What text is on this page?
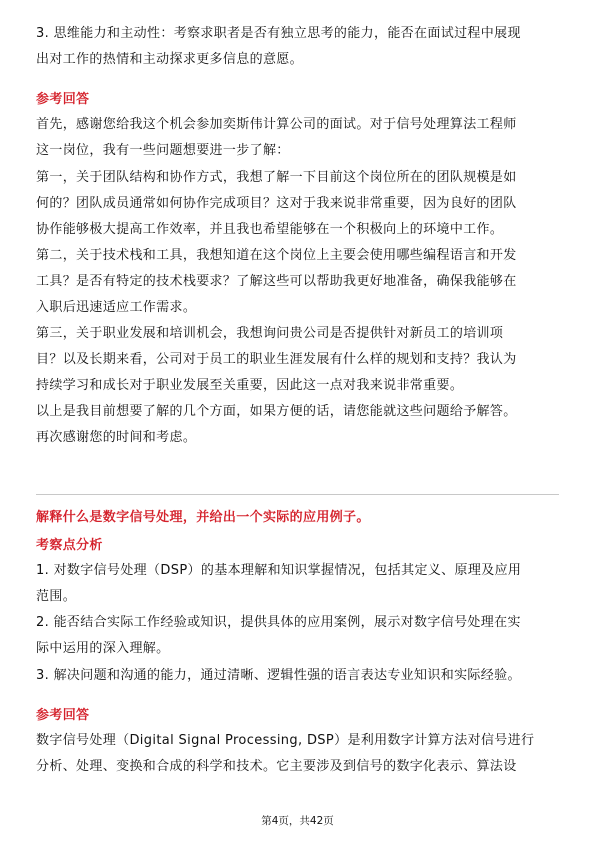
3. 思维能力和主动性：考察求职者是否有独立思考的能力，能否在面试过程中展现
出对工作的热情和主动探求更多信息的意愿。
参考回答
首先，感谢您给我这个机会参加奕斯伟计算公司的面试。对于信号处理算法工程师
这一岗位，我有一些问题想要进一步了解：
第一，关于团队结构和协作方式，我想了解一下目前这个岗位所在的团队规模是如
何的？团队成员通常如何协作完成项目？这对于我来说非常重要，因为良好的团队
协作能够极大提高工作效率，并且我也希望能够在一个积极向上的环境中工作。
第二，关于技术栈和工具，我想知道在这个岗位上主要会使用哪些编程语言和开发
工具？是否有特定的技术栈要求？了解这些可以帮助我更好地准备，确保我能够在
入职后迅速适应工作需求。
第三，关于职业发展和培训机会，我想询问贵公司是否提供针对新员工的培训项
目？以及长期来看，公司对于员工的职业生涯发展有什么样的规划和支持？我认为
持续学习和成长对于职业发展至关重要，因此这一点对我来说非常重要。
以上是我目前想要了解的几个方面，如果方便的话，请您能就这些问题给予解答。
再次感谢您的时间和考虑。
解释什么是数字信号处理，并给出一个实际的应用例子。
考察点分析
1. 对数字信号处理（DSP）的基本理解和知识掌握情况，包括其定义、原理及应用
范围。
2. 能否结合实际工作经验或知识，提供具体的应用案例，展示对数字信号处理在实
际中运用的深入理解。
3. 解决问题和沟通的能力，通过清晰、逻辑性强的语言表达专业知识和实际经验。
参考回答
数字信号处理（Digital Signal Processing, DSP）是利用数字计算方法对信号进行
分析、处理、变换和合成的科学和技术。它主要涉及到信号的数字化表示、算法设
第4页，共42页
